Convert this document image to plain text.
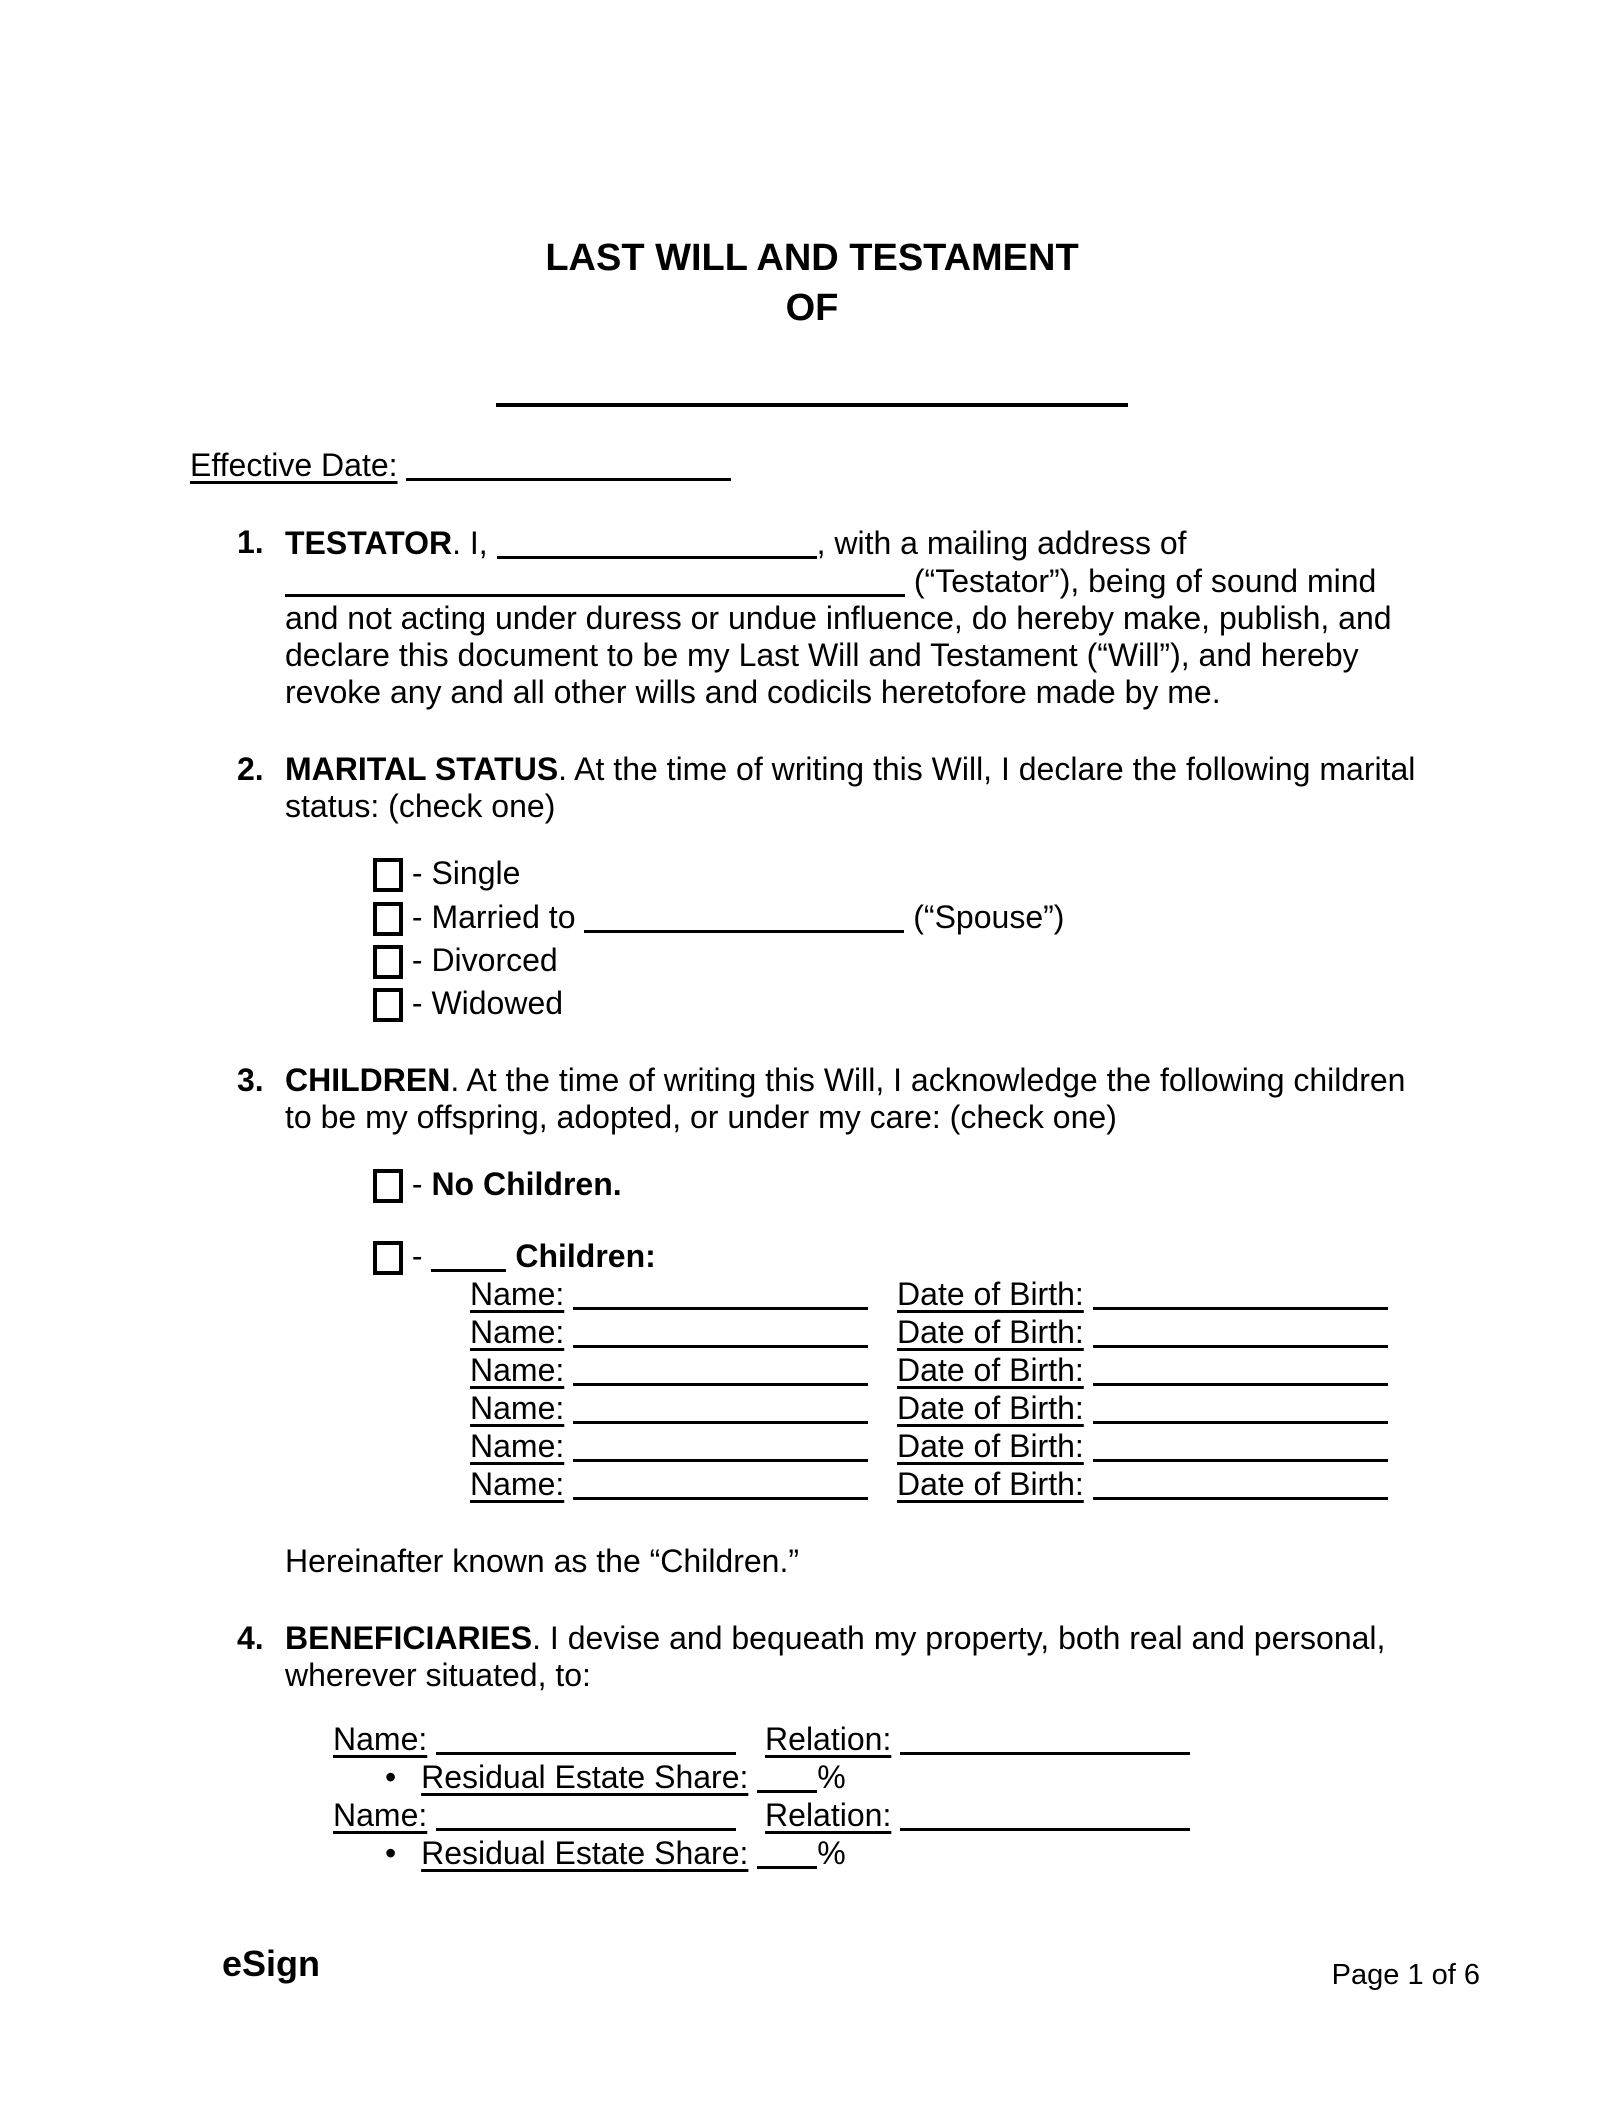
LAST WILL AND TESTAMENT
OF
Effective Date:
1. TESTATOR. I,	, with a mailing address of  (“Testator”), being of sound mind and not acting under duress or undue influence, do hereby make, publish, and declare this document to be my Last Will and Testament (“Will”), and hereby revoke any and all other wills and codicils heretofore made by me.
2. MARITAL STATUS. At the time of writing this Will, I declare the following marital status: (check one)
- Single
- Married to	(“Spouse”)
- Divorced
- Widowed
3. CHILDREN. At the time of writing this Will, I acknowledge the following children to be my offspring, adopted, or under my care: (check one)
- No Children.
-	Children:
Name:	Date of Birth:
Name:	Date of Birth:
Name:	Date of Birth:
Name:	Date of Birth:
Name:	Date of Birth:
Name:	Date of Birth:
Hereinafter known as the “Children.”
4. BENEFICIARIES. I devise and bequeath my property, both real and personal, wherever situated, to:
Name:	Relation:
• Residual Estate Share: %
Name:	Relation:
• Residual Estate Share: %
eSign	Page 1 of 6
